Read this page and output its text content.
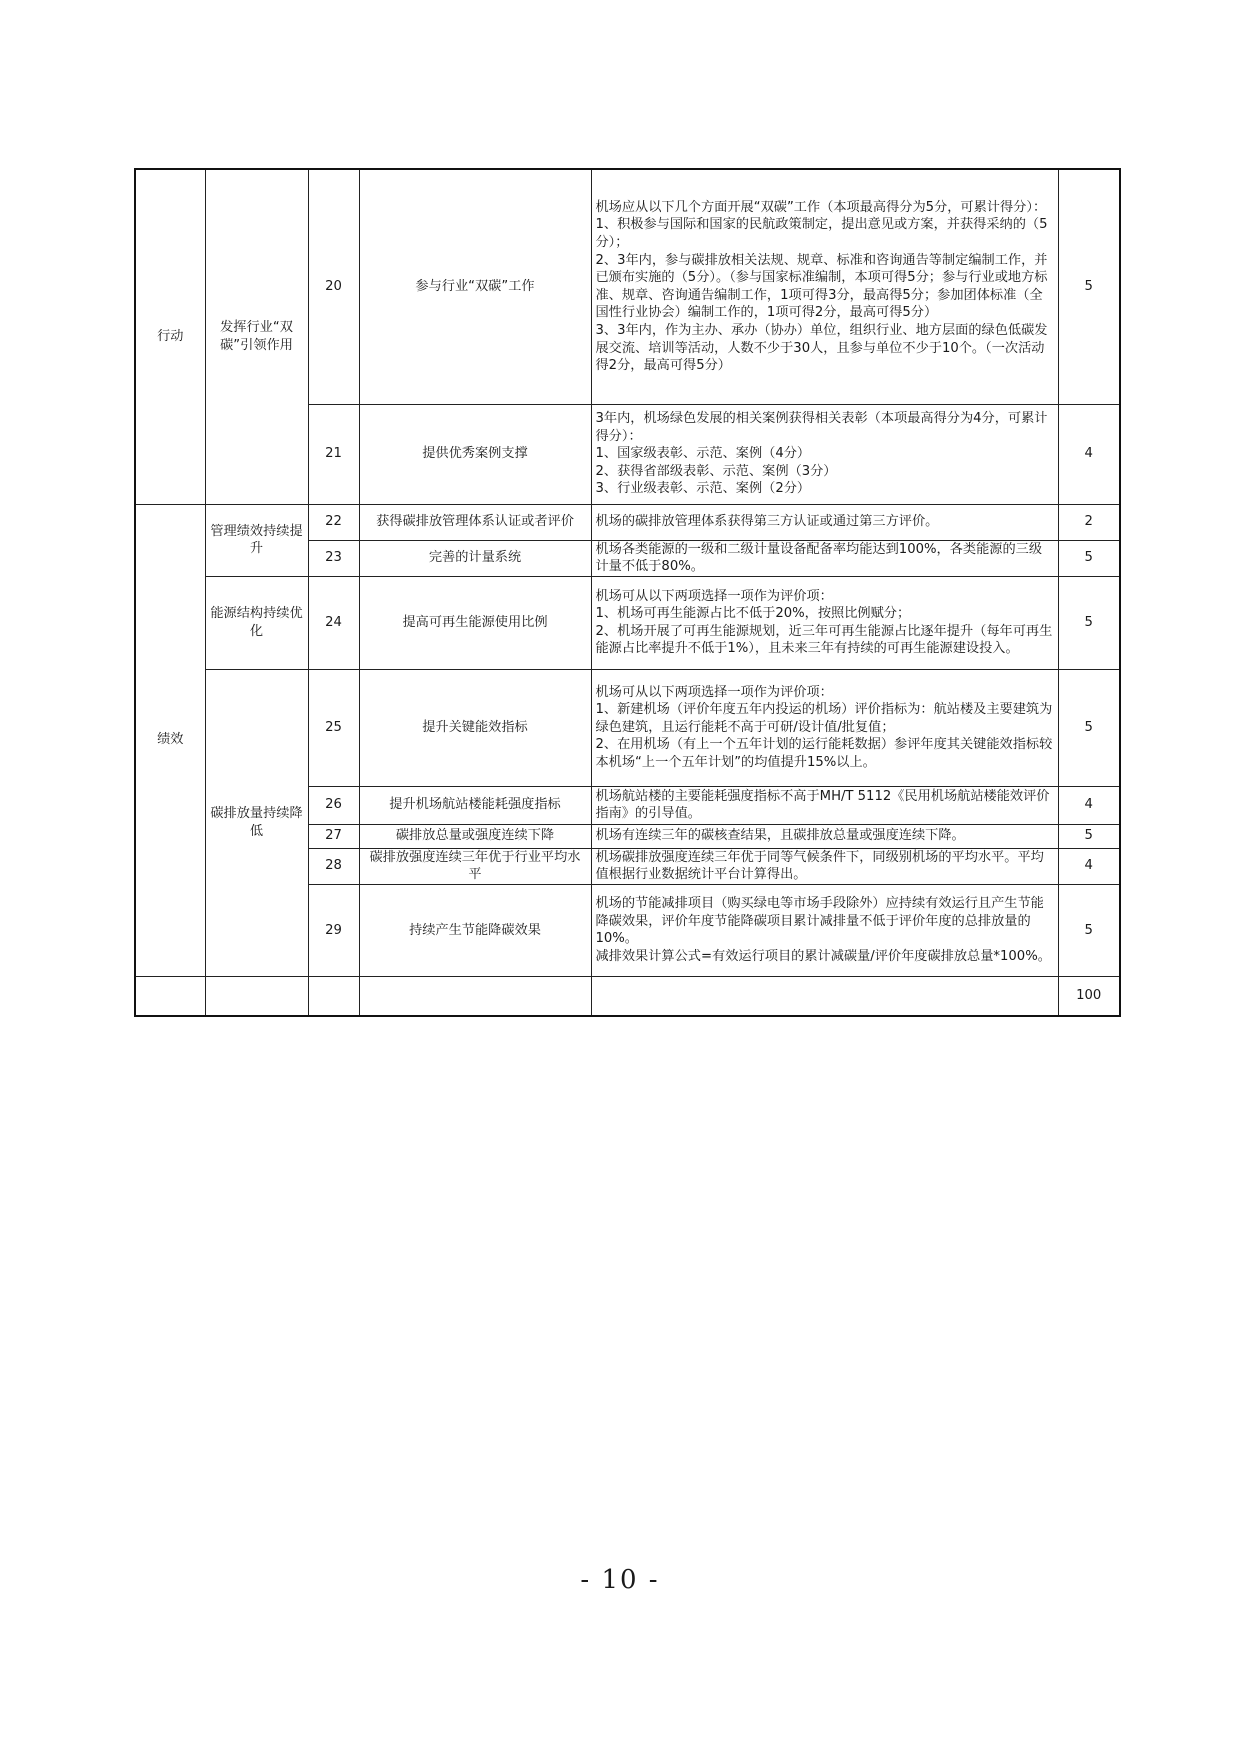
行动	发挥行业“双碳”引领作用	20	参与行业“双碳”工作	机场应从以下几个方面开展“双碳”工作（本项最高得分为5分，可累计得分）：
1、积极参与国际和国家的民航政策制定，提出意见或方案，并获得采纳的（5分）；
2、3年内，参与碳排放相关法规、规章、标准和咨询通告等制定编制工作，并已颁布实施的（5分）。（参与国家标准编制，本项可得5分；参与行业或地方标准、规章、咨询通告编制工作，1项可得3分，最高得5分；参加团体标准（全国性行业协会）编制工作的，1项可得2分，最高可得5分）
3、3年内，作为主办、承办（协办）单位，组织行业、地方层面的绿色低碳发展交流、培训等活动，人数不少于30人，且参与单位不少于10个。（一次活动得2分，最高可得5分）	5
		21	提供优秀案例支撑	3年内，机场绿色发展的相关案例获得相关表彰（本项最高得分为4分，可累计得分）：
1、国家级表彰、示范、案例（4分）
2、获得省部级表彰、示范、案例（3分）
3、行业级表彰、示范、案例（2分）	4
绩效	管理绩效持续提升	22	获得碳排放管理体系认证或者评价	机场的碳排放管理体系获得第三方认证或通过第三方评价。	2
		23	完善的计量系统	机场各类能源的一级和二级计量设备配备率均能达到100%，各类能源的三级计量不低于80%。	5
	能源结构持续优化	24	提高可再生能源使用比例	机场可从以下两项选择一项作为评价项：
1、机场可再生能源占比不低于20%，按照比例赋分；
2、机场开展了可再生能源规划，近三年可再生能源占比逐年提升（每年可再生能源占比率提升不低于1%），且未来三年有持续的可再生能源建设投入。	5
	碳排放量持续降低	25	提升关键能效指标	机场可从以下两项选择一项作为评价项：
1、新建机场（评价年度五年内投运的机场）评价指标为：航站楼及主要建筑为绿色建筑，且运行能耗不高于可研/设计值/批复值；
2、在用机场（有上一个五年计划的运行能耗数据）参评年度其关键能效指标较本机场“上一个五年计划”的均值提升15%以上。	5
		26	提升机场航站楼能耗强度指标	机场航站楼的主要能耗强度指标不高于MH/T 5112《民用机场航站楼能效评价指南》的引导值。	4
		27	碳排放总量或强度连续下降	机场有连续三年的碳核查结果，且碳排放总量或强度连续下降。	5
		28	碳排放强度连续三年优于行业平均水平	机场碳排放强度连续三年优于同等气候条件下，同级别机场的平均水平。平均值根据行业数据统计平台计算得出。	4
		29	持续产生节能降碳效果	机场的节能减排项目（购买绿电等市场手段除外）应持续有效运行且产生节能降碳效果，评价年度节能降碳项目累计减排量不低于评价年度的总排放量的10%。
减排效果计算公式=有效运行项目的累计减碳量/评价年度碳排放总量*100%。	5
					100
- 10 -
